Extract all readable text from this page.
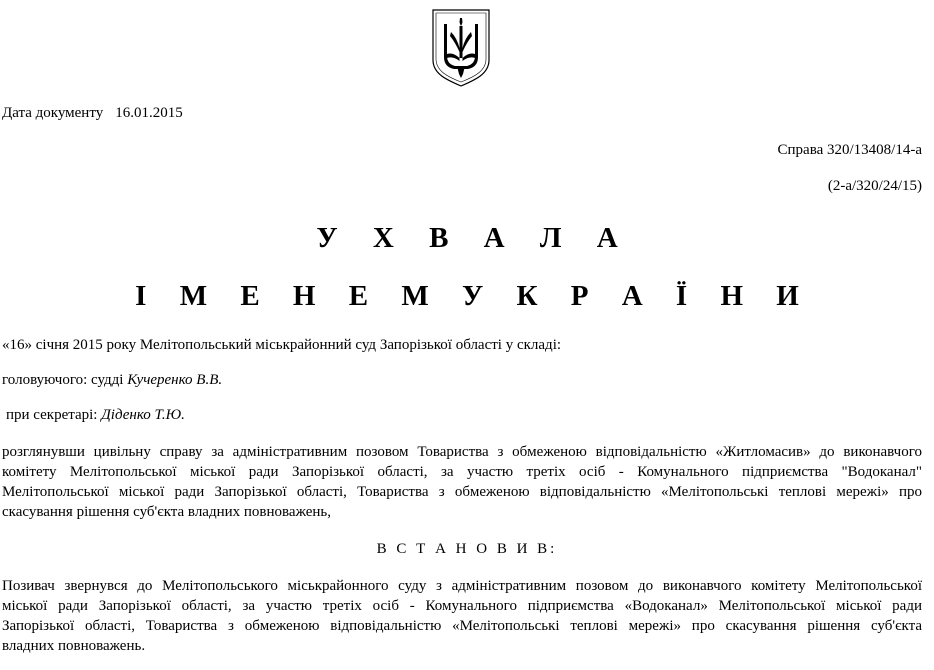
Дата документу 16.01.2015
Справа 320/13408/14-а
(2-а/320/24/15)
У Х В А Л А
І М Е Н Е М У К Р А Ї Н И
«16» січня 2015 року Мелітопольський міськрайонний суд Запорізької області у складі:
головуючого: судді Кучеренко В.В.
при секретарі: Діденко Т.Ю.
розглянувши цивільну справу за адміністративним позовом Товариства з обмеженою відповідальністю «Житломасив» до виконавчого
комітету Мелітопольської міської ради Запорізької області, за участю третіх осіб - Комунального підприємства "Водоканал"
Мелітопольської міської ради Запорізької області, Товариства з обмеженою відповідальністю «Мелітопольські теплові мережі» про
скасування рішення суб'єкта владних повноважень,
В С Т А Н О В И В:
Позивач звернувся до Мелітопольського міськрайонного суду з адміністративним позовом до виконавчого комітету Мелітопольської
міської ради Запорізької області, за участю третіх осіб - Комунального підприємства «Водоканал» Мелітопольської міської ради
Запорізької області, Товариства з обмеженою відповідальністю «Мелітопольські теплові мережі» про скасування рішення суб'єкта
владних повноважень.
